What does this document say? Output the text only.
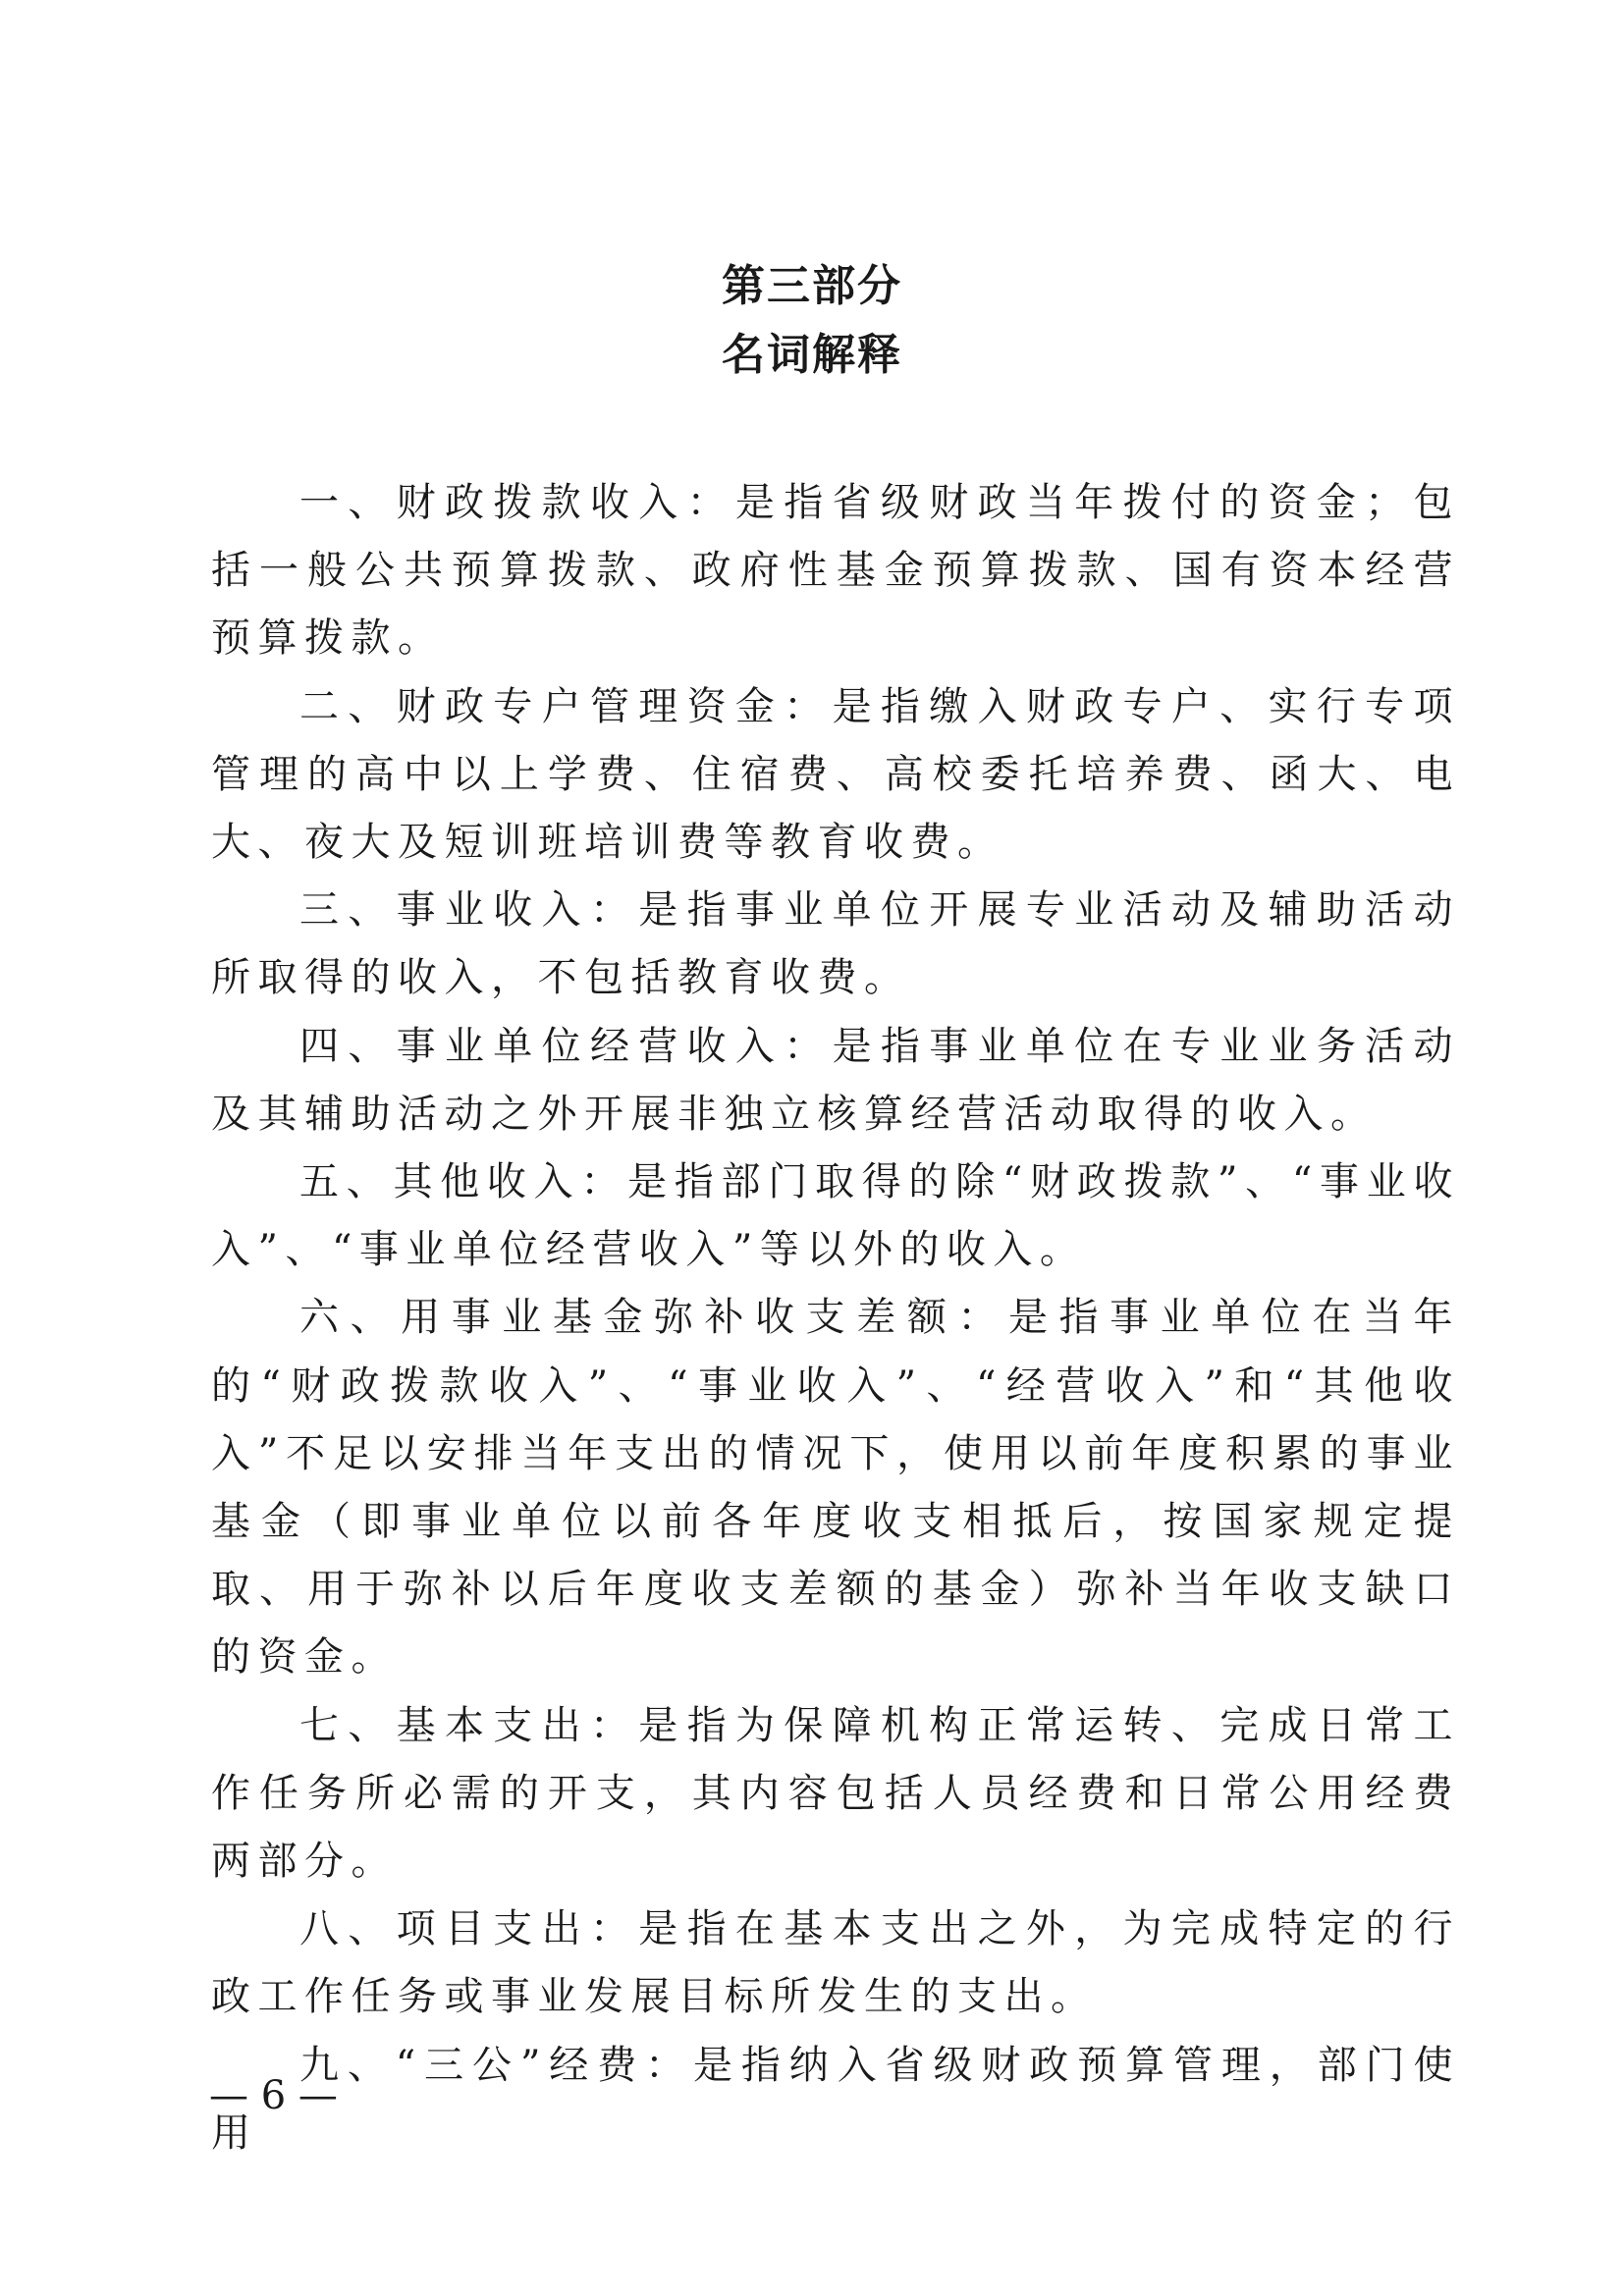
第三部分
名词解释

一、财政拨款收入：是指省级财政当年拨付的资金；包括一般公共预算拨款、政府性基金预算拨款、国有资本经营预算拨款。

二、财政专户管理资金：是指缴入财政专户、实行专项管理的高中以上学费、住宿费、高校委托培养费、函大、电大、夜大及短训班培训费等教育收费。

三、事业收入：是指事业单位开展专业活动及辅助活动所取得的收入，不包括教育收费。

四、事业单位经营收入：是指事业单位在专业业务活动及其辅助活动之外开展非独立核算经营活动取得的收入。

五、其他收入：是指部门取得的除“财政拨款”、“事业收入”、“事业单位经营收入”等以外的收入。

六、用事业基金弥补收支差额：是指事业单位在当年的“财政拨款收入”、“事业收入”、“经营收入”和“其他收入”不足以安排当年支出的情况下，使用以前年度积累的事业基金（即事业单位以前各年度收支相抵后，按国家规定提取、用于弥补以后年度收支差额的基金）弥补当年收支缺口的资金。

七、基本支出：是指为保障机构正常运转、完成日常工作任务所必需的开支，其内容包括人员经费和日常公用经费两部分。

八、项目支出：是指在基本支出之外，为完成特定的行政工作任务或事业发展目标所发生的支出。

九、“三公”经费：是指纳入省级财政预算管理，部门使用

— 6 —
